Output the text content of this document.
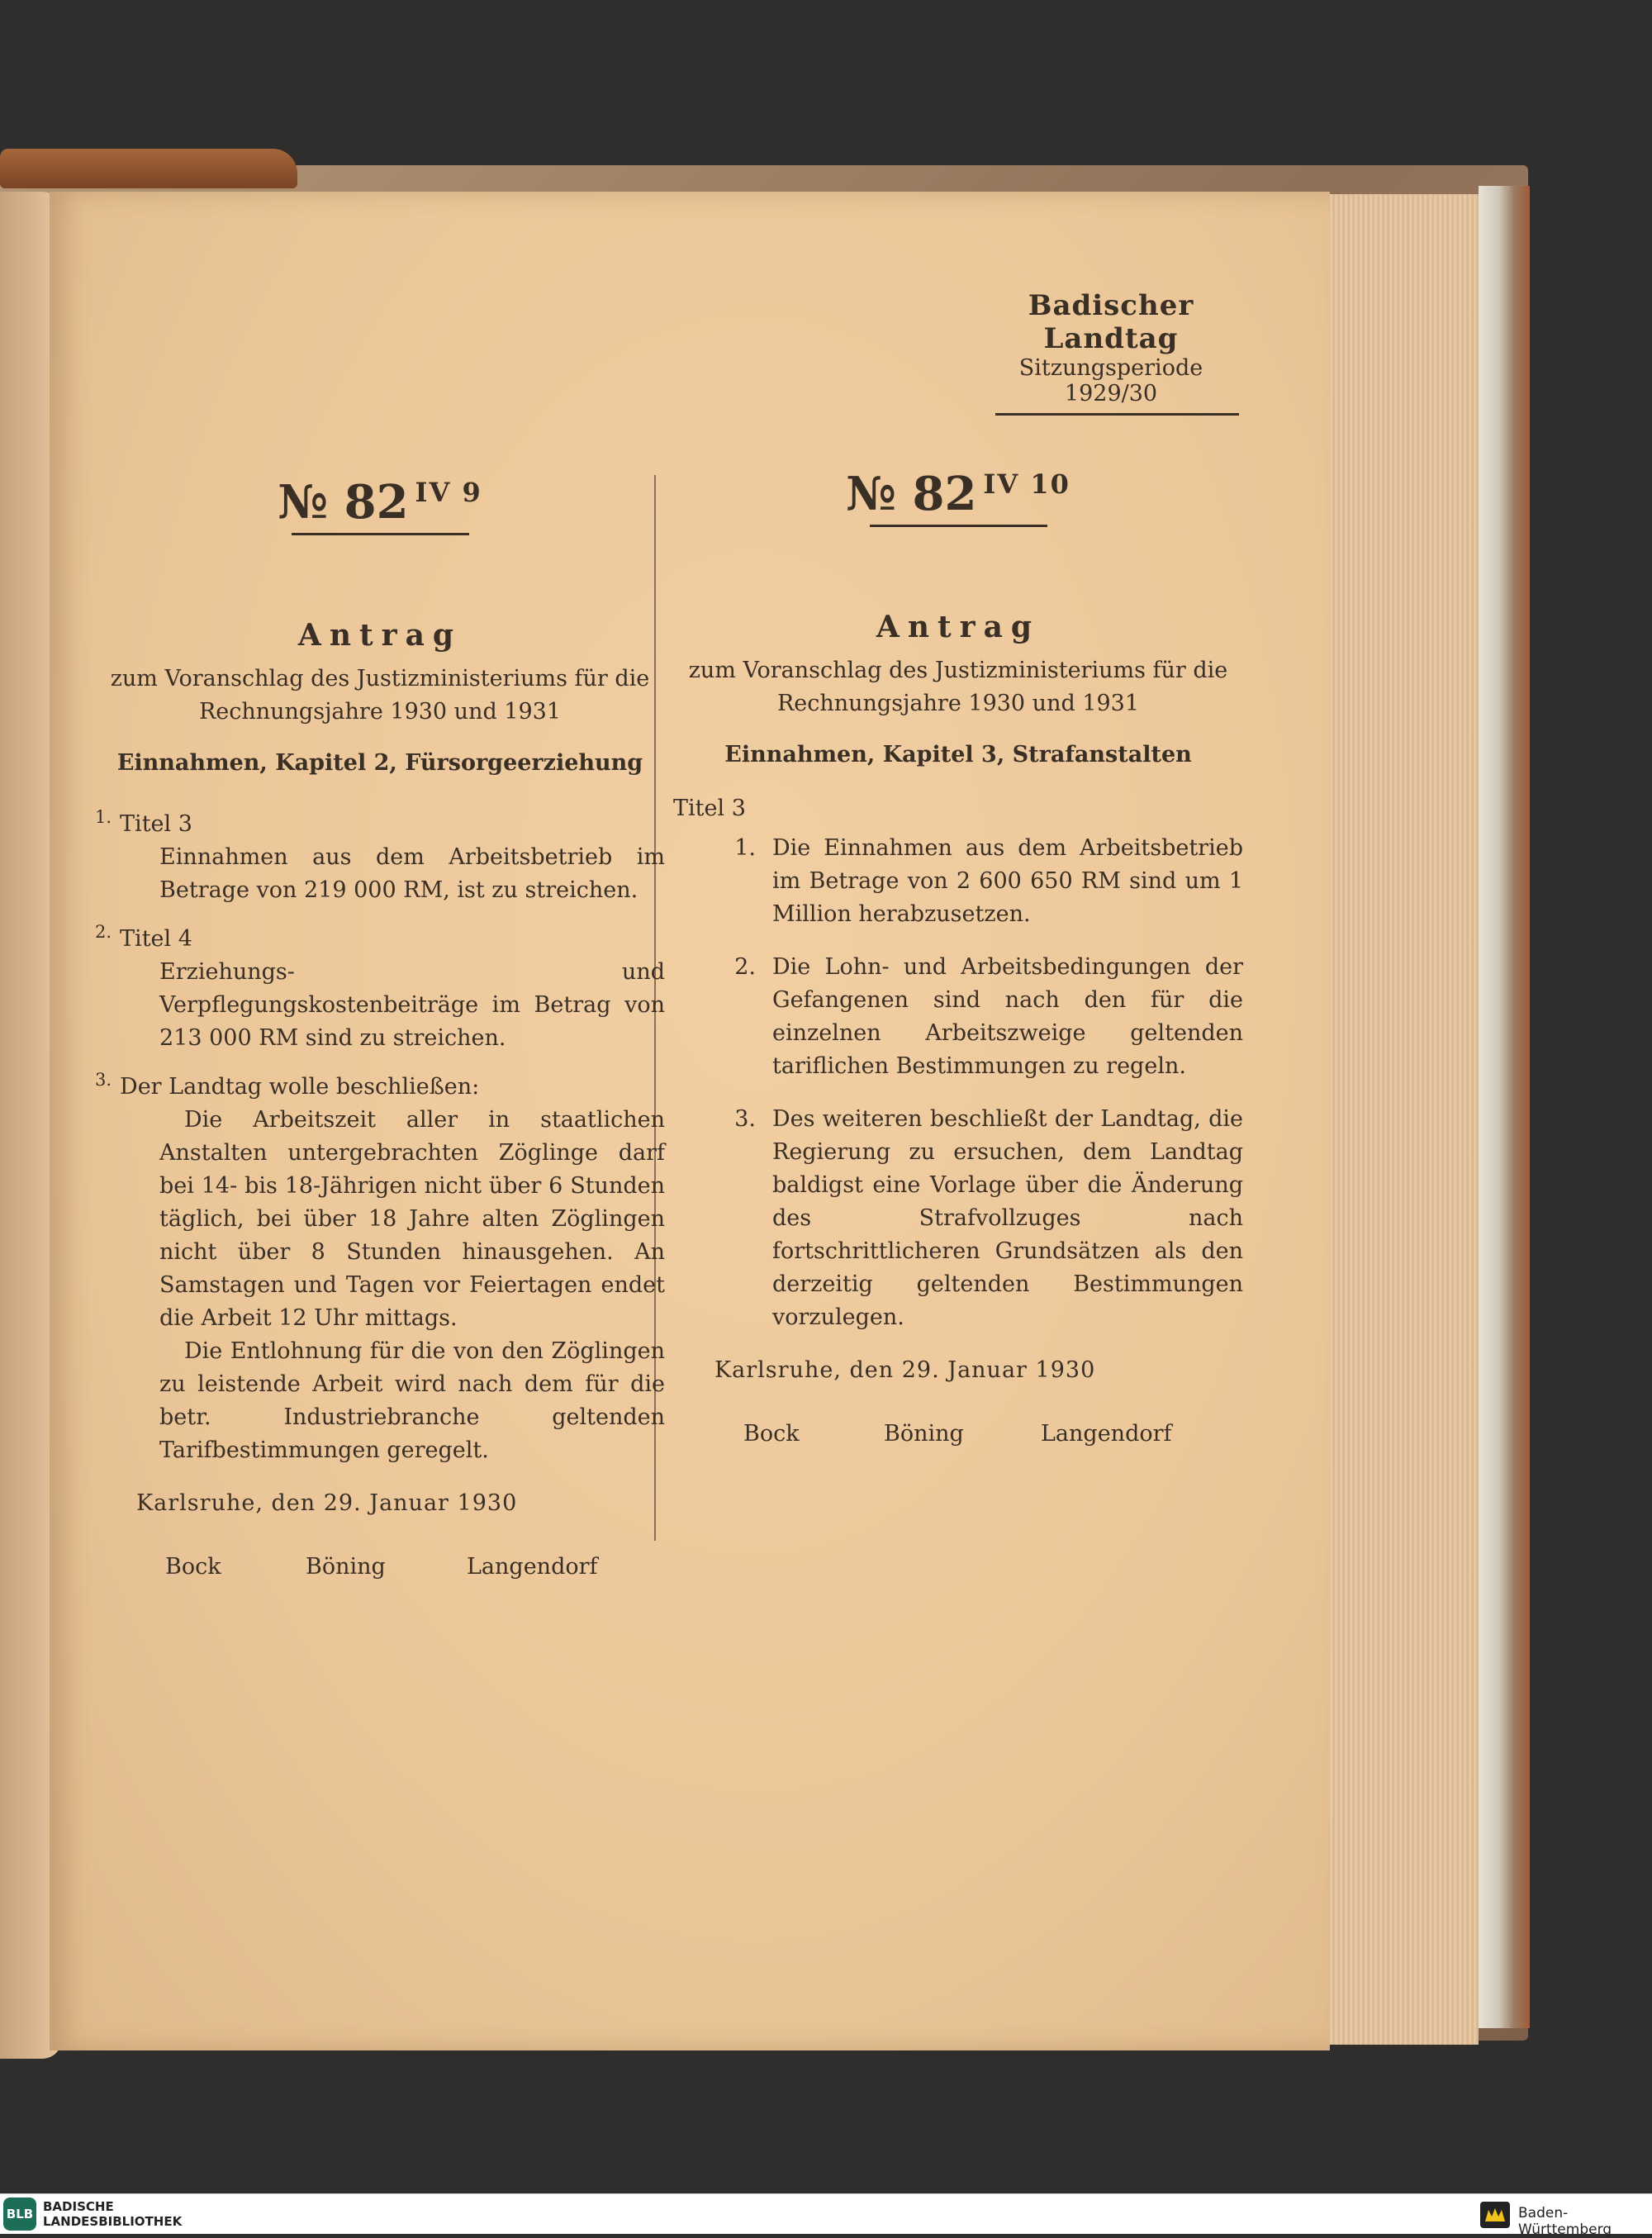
Badischer Landtag
Sitzungsperiode
1929/30
№ 82 $^{IV 9}$
Antrag
zum Voranschlag des Justizministeriums für die
Rechnungsjahre 1930 und 1931
Einnahmen, Kapitel 2, Fürsorgeerziehung
$^{1.}$ Titel 3
Einnahmen aus dem Arbeitsbetrieb im Betrage von 219 000 RM, ist zu streichen.
$^{2.}$ Titel 4
Erziehungs- und Verpflegungskostenbeiträge im Betrag von 213 000 RM sind zu streichen.
$^{3.}$ Der Landtag wolle beschließen:
Die Arbeitszeit aller in staatlichen Anstalten untergebrachten Zöglinge darf bei 14- bis 18-Jährigen nicht über 6 Stunden täglich, bei über 18 Jahre alten Zöglingen nicht über 8 Stunden hinausgehen. An Samstagen und Tagen vor Feiertagen endet die Arbeit 12 Uhr mittags.
Die Entlohnung für die von den Zöglingen zu leistende Arbeit wird nach dem für die betr. Industriebranche geltenden Tarifbestimmungen geregelt.
Karlsruhe, den 29. Januar 1930
Bock	Böning	Langendorf
№ 82 $^{IV 10}$
Antrag
zum Voranschlag des Justizministeriums für die
Rechnungsjahre 1930 und 1931
Einnahmen, Kapitel 3, Strafanstalten
Titel 3
1. Die Einnahmen aus dem Arbeitsbetrieb im Betrage von 2 600 650 RM sind um 1 Million herabzusetzen.
2. Die Lohn- und Arbeitsbedingungen der Gefangenen sind nach den für die einzelnen Arbeitszweige geltenden tariflichen Bestimmungen zu regeln.
3. Des weiteren beschließt der Landtag, die Regierung zu ersuchen, dem Landtag baldigst eine Vorlage über die Änderung des Strafvollzuges nach fortschrittlicheren Grundsätzen als den derzeitig geltenden Bestimmungen vorzulegen.
Karlsruhe, den 29. Januar 1930
Bock	Böning	Langendorf
BLB BADISCHE
LANDESBIBLIOTHEK	Baden-Württemberg
